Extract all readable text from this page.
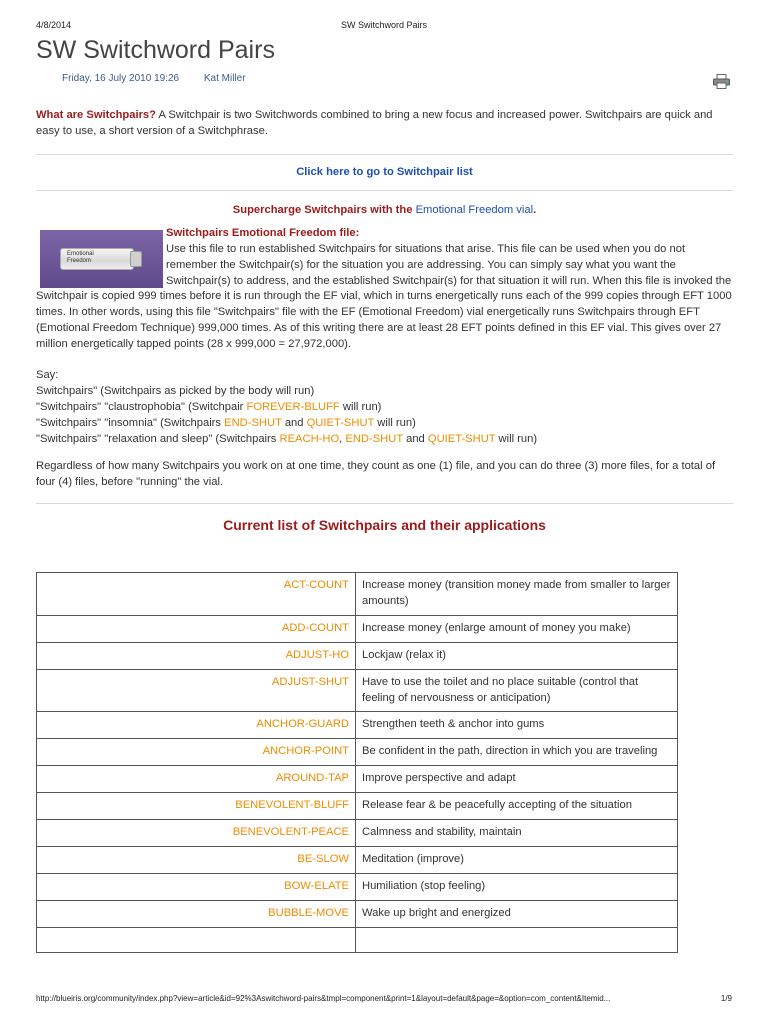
4/8/2014	SW Switchword Pairs
SW Switchword Pairs
Friday, 16 July 2010 19:26 Kat Miller

What are Switchpairs? A Switchpair is two Switchwords combined to bring a new focus and increased power. Switchpairs are quick and easy to use, a short version of a Switchphrase.

Click here to go to Switchpair list
Supercharge Switchpairs with the Emotional Freedom vial.
Emotional
Freedom
Switchpairs Emotional Freedom file:
Use this file to run established Switchpairs for situations that arise. This file can be used when you do not remember the Switchpair(s) for the situation you are addressing. You can simply say what you want the Switchpair(s) to address, and the established Switchpair(s) for that situation it will run. When this file is invoked the Switchpair is copied 999 times before it is run through the EF vial, which in turns energetically runs each of the 999 copies through EFT 1000 times. In other words, using this file "Switchpairs" file with the EF (Emotional Freedom) vial energetically runs Switchpairs through EFT (Emotional Freedom Technique) 999,000 times. As of this writing there are at least 28 EFT points defined in this EF vial. This gives over 27 million energetically tapped points (28 x 999,000 = 27,972,000).
Say:
Switchpairs" (Switchpairs as picked by the body will run)
"Switchpairs" "claustrophobia" (Switchpair FOREVER-BLUFF will run)
"Switchpairs" "insomnia" (Switchpairs END-SHUT and QUIET-SHUT will run)
"Switchpairs" "relaxation and sleep" (Switchpairs REACH-HO, END-SHUT and QUIET-SHUT will run)

Regardless of how many Switchpairs you work on at one time, they count as one (1) file, and you can do three (3) more files, for a total of four (4) files, before "running" the vial.

Current list of Switchpairs and their applications
ACT-COUNT	Increase money (transition money made from smaller to larger amounts)
ADD-COUNT	Increase money (enlarge amount of money you make)
ADJUST-HO	Lockjaw (relax it)
ADJUST-SHUT	Have to use the toilet and no place suitable (control that feeling of nervousness or anticipation)
ANCHOR-GUARD	Strengthen teeth & anchor into gums
ANCHOR-POINT	Be confident in the path, direction in which you are traveling
AROUND-TAP	Improve perspective and adapt
BENEVOLENT-BLUFF	Release fear & be peacefully accepting of the situation
BENEVOLENT-PEACE	Calmness and stability, maintain
BE-SLOW	Meditation (improve)
BOW-ELATE	Humiliation (stop feeling)
BUBBLE-MOVE	Wake up bright and energized

http://blueiris.org/community/index.php?view=article&id=92%3Aswitchword-pairs&tmpl=component&print=1&layout=default&page=&option=com_content&Itemid...	1/9
